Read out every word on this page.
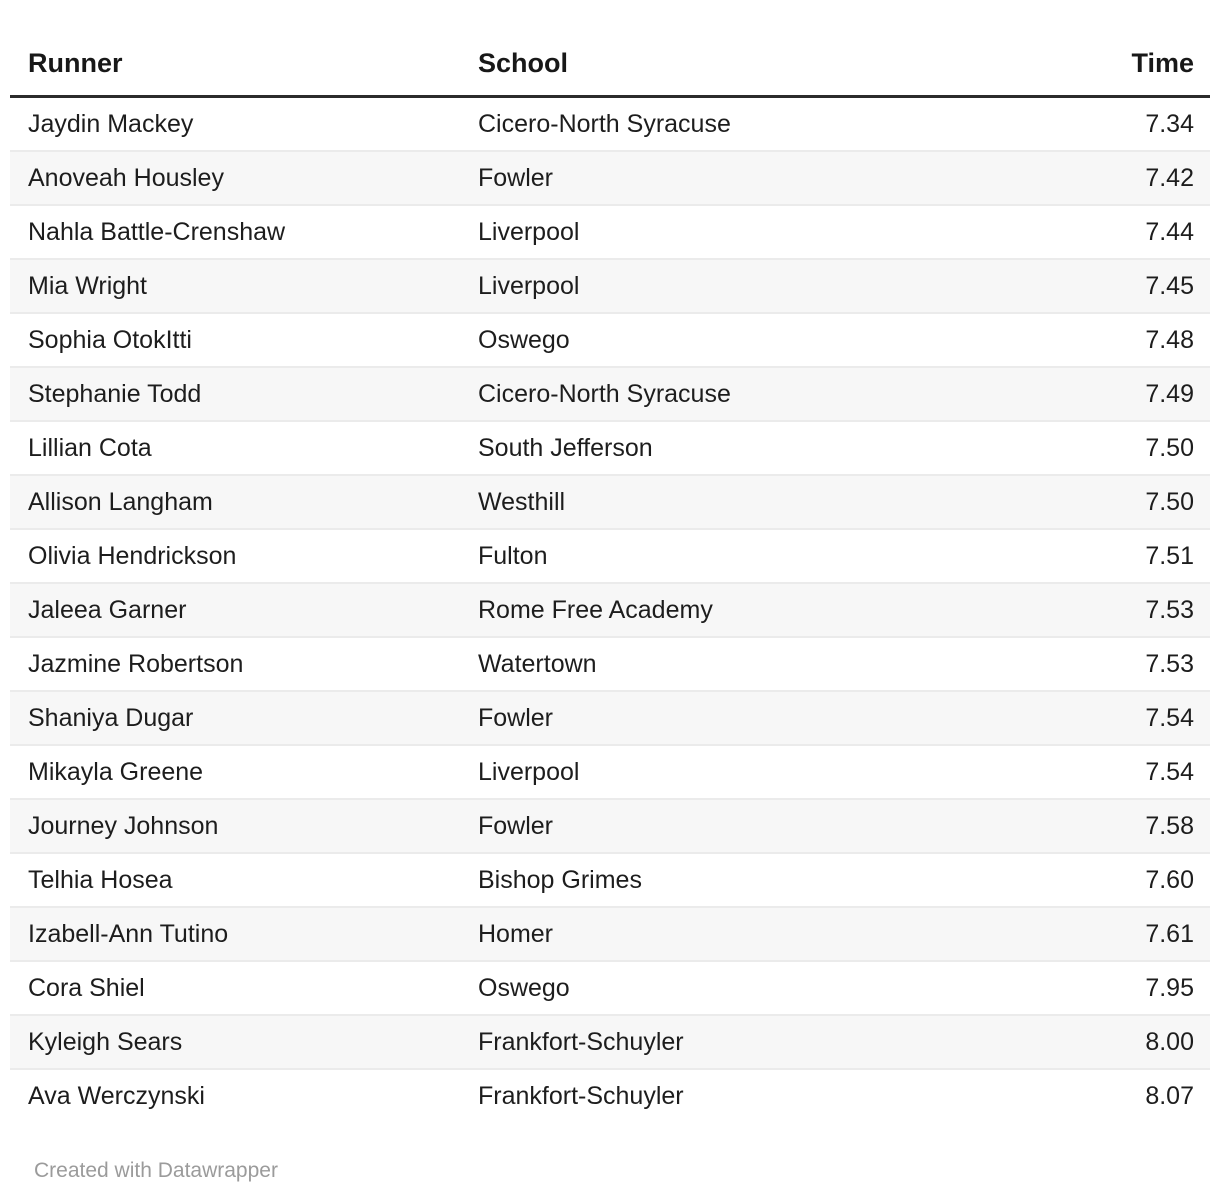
Runner	School	Time
Jaydin Mackey	Cicero-North Syracuse	7.34
Anoveah Housley	Fowler	7.42
Nahla Battle-Crenshaw	Liverpool	7.44
Mia Wright	Liverpool	7.45
Sophia OtokItti	Oswego	7.48
Stephanie Todd	Cicero-North Syracuse	7.49
Lillian Cota	South Jefferson	7.50
Allison Langham	Westhill	7.50
Olivia Hendrickson	Fulton	7.51
Jaleea Garner	Rome Free Academy	7.53
Jazmine Robertson	Watertown	7.53
Shaniya Dugar	Fowler	7.54
Mikayla Greene	Liverpool	7.54
Journey Johnson	Fowler	7.58
Telhia Hosea	Bishop Grimes	7.60
Izabell-Ann Tutino	Homer	7.61
Cora Shiel	Oswego	7.95
Kyleigh Sears	Frankfort-Schuyler	8.00
Ava Werczynski	Frankfort-Schuyler	8.07
Created with Datawrapper
